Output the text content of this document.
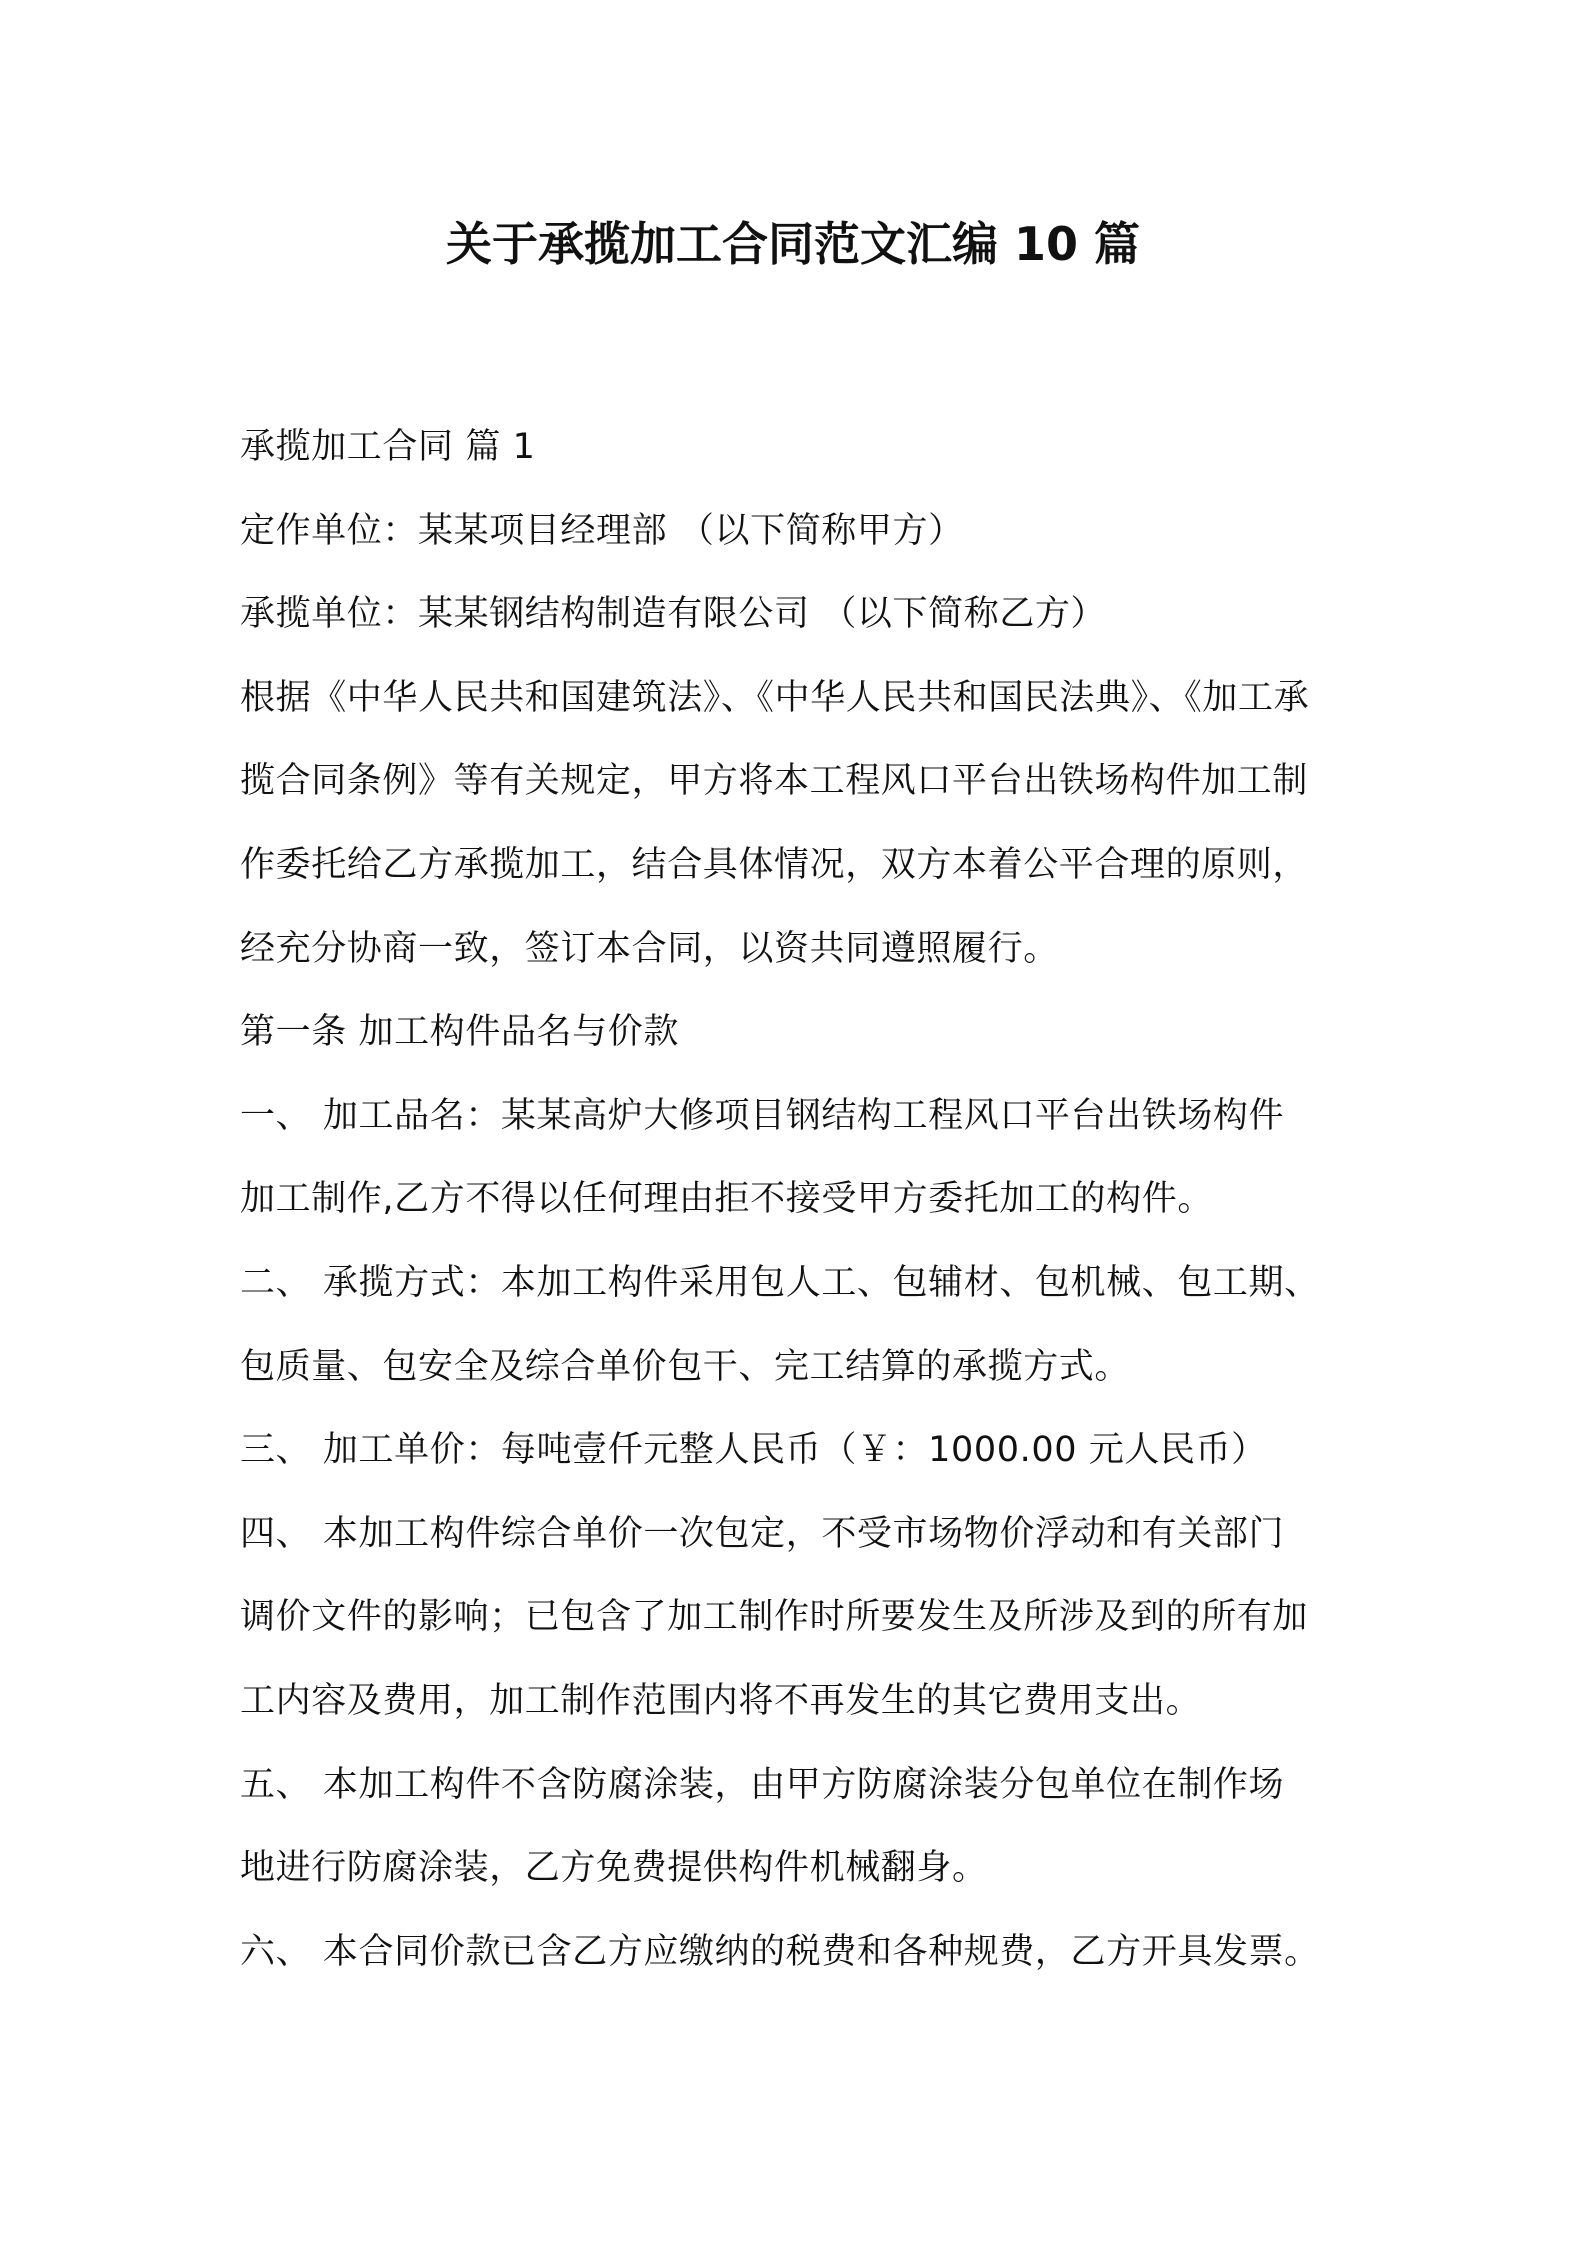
关于承揽加工合同范文汇编 10 篇
承揽加工合同 篇 1
定作单位：某某项目经理部 （以下简称甲方）
承揽单位：某某钢结构制造有限公司 （以下简称乙方）
根据《中华人民共和国建筑法》、《中华人民共和国民法典》、《加工承
揽合同条例》等有关规定，甲方将本工程风口平台出铁场构件加工制
作委托给乙方承揽加工，结合具体情况，双方本着公平合理的原则，
经充分协商一致，签订本合同，以资共同遵照履行。
第一条 加工构件品名与价款
一、 加工品名：某某高炉大修项目钢结构工程风口平台出铁场构件
加工制作,乙方不得以任何理由拒不接受甲方委托加工的构件。
二、 承揽方式：本加工构件采用包人工、包辅材、包机械、包工期、
包质量、包安全及综合单价包干、完工结算的承揽方式。
三、 加工单价：每吨壹仟元整人民币（￥：1000.00 元人民币）
四、 本加工构件综合单价一次包定，不受市场物价浮动和有关部门
调价文件的影响；已包含了加工制作时所要发生及所涉及到的所有加
工内容及费用，加工制作范围内将不再发生的其它费用支出。
五、 本加工构件不含防腐涂装，由甲方防腐涂装分包单位在制作场
地进行防腐涂装，乙方免费提供构件机械翻身。
六、 本合同价款已含乙方应缴纳的税费和各种规费，乙方开具发票。
